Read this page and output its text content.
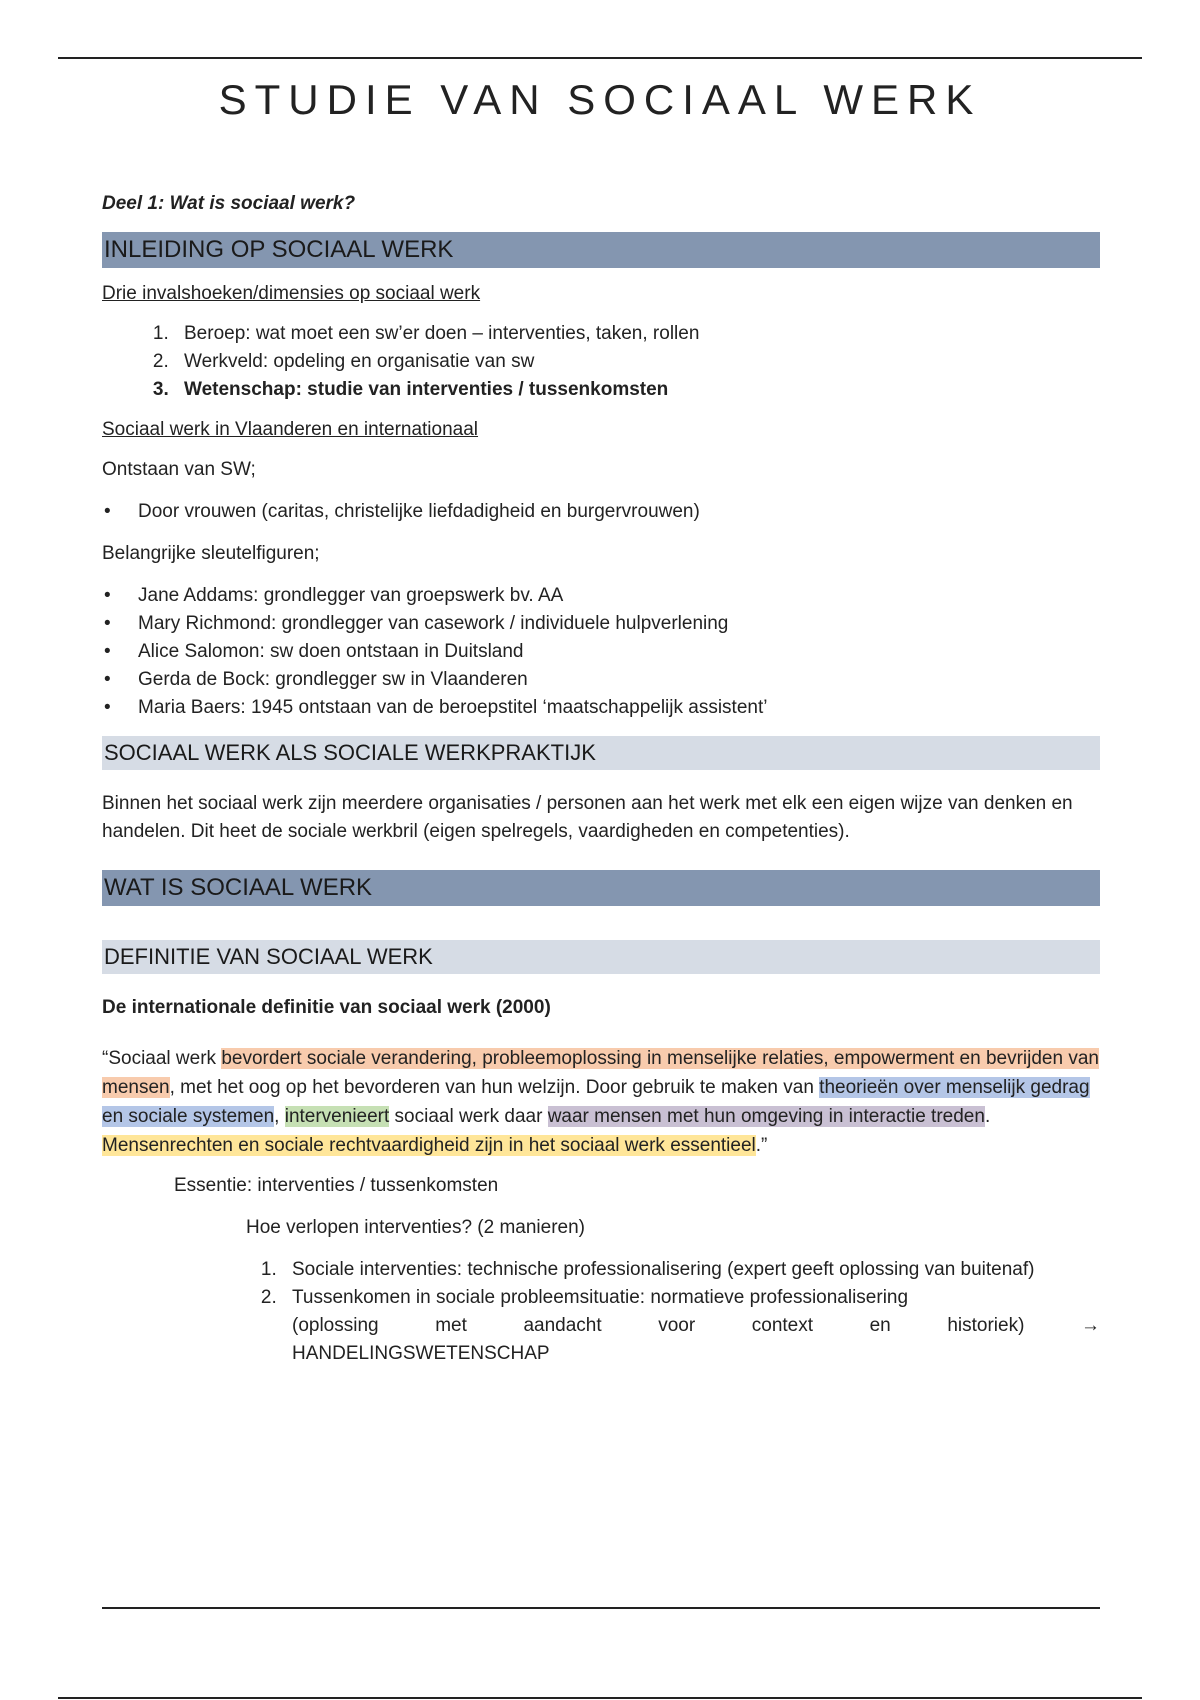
STUDIE VAN SOCIAAL WERK
Deel 1: Wat is sociaal werk?
INLEIDING OP SOCIAAL WERK
Drie invalshoeken/dimensies op sociaal werk
1. Beroep: wat moet een sw’er doen – interventies, taken, rollen
2. Werkveld: opdeling en organisatie van sw
3. Wetenschap: studie van interventies / tussenkomsten
Sociaal werk in Vlaanderen en internationaal

Ontstaan van SW;

• Door vrouwen (caritas, christelijke liefdadigheid en burgervrouwen)

Belangrijke sleutelfiguren;

• Jane Addams: grondlegger van groepswerk bv. AA
• Mary Richmond: grondlegger van casework / individuele hulpverlening
• Alice Salomon: sw doen ontstaan in Duitsland
• Gerda de Bock: grondlegger sw in Vlaanderen
• Maria Baers: 1945 ontstaan van de beroepstitel ‘maatschappelijk assistent’
SOCIAAL WERK ALS SOCIALE WERKPRAKTIJK

Binnen het sociaal werk zijn meerdere organisaties / personen aan het werk met elk een eigen wijze van denken en handelen. Dit heet de sociale werkbril (eigen spelregels, vaardigheden en competenties).

WAT IS SOCIAAL WERK
DEFINITIE VAN SOCIAAL WERK

De internationale definitie van sociaal werk (2000)

“Sociaal werk bevordert sociale verandering, probleemoplossing in menselijke relaties, empowerment en bevrijden van mensen, met het oog op het bevorderen van hun welzijn. Door gebruik te maken van theorieën over menselijk gedrag en sociale systemen, intervenieert sociaal werk daar waar mensen met hun omgeving in interactie treden. Mensenrechten en sociale rechtvaardigheid zijn in het sociaal werk essentieel.”

Essentie: interventies / tussenkomsten

Hoe verlopen interventies? (2 manieren)

1. Sociale interventies: technische professionalisering (expert geeft oplossing van buitenaf)
2. Tussenkomen in sociale probleemsituatie: normatieve professionalisering
(oplossing	met	aandacht	voor	context	en	historiek)	→
HANDELINGSWETENSCHAP
